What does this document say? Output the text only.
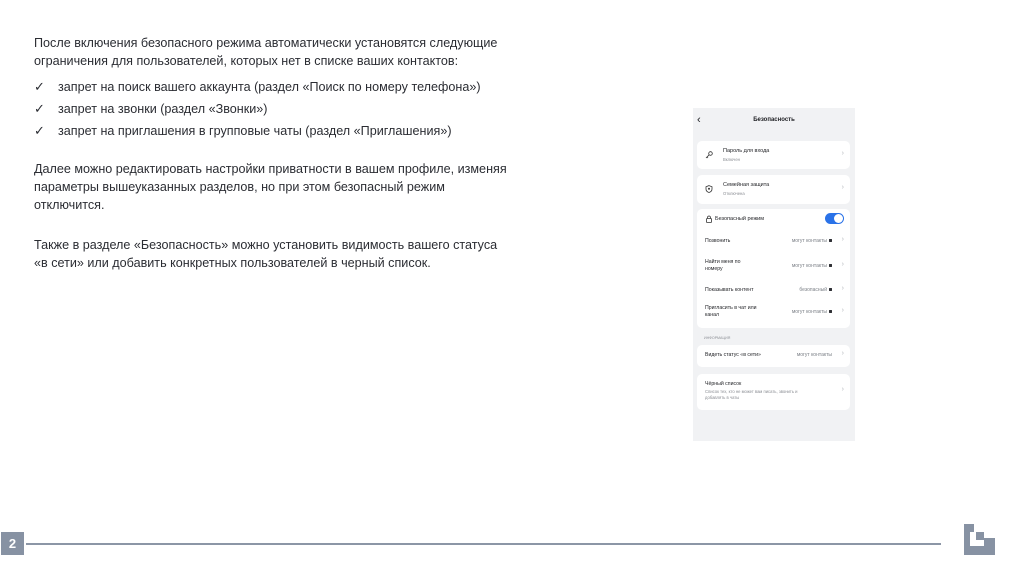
После включения безопасного режима автоматически установятся следующие ограничения для пользователей, которых нет в списке ваших контактов:

✓ запрет на поиск вашего аккаунта (раздел «Поиск по номеру телефона»)
✓ запрет на звонки (раздел «Звонки»)
✓ запрет на приглашения в групповые чаты (раздел «Приглашения»)

Далее можно редактировать настройки приватности в вашем профиле, изменяя параметры вышеуказанных разделов, но при этом безопасный режим отключится.

Также в разделе «Безопасность» можно установить видимость вашего статуса «в сети» или добавить конкретных пользователей в черный список.

‹	Безопасность
Пароль для входа
Включен
›
Семейная защита
Отключена
›
Безопасный режим
Позвонить	могут контакты	›
Найти меня по номеру	могут контакты	›
Показывать контент	безопасный	›
Пригласить в чат или канал	могут контакты	›
ИНФОРМАЦИЯ
Видеть статус «в сети»	могут контакты ›
Чёрный список
Список тех, кто не может вам писать, звонить и добавлять в чаты
›
2
